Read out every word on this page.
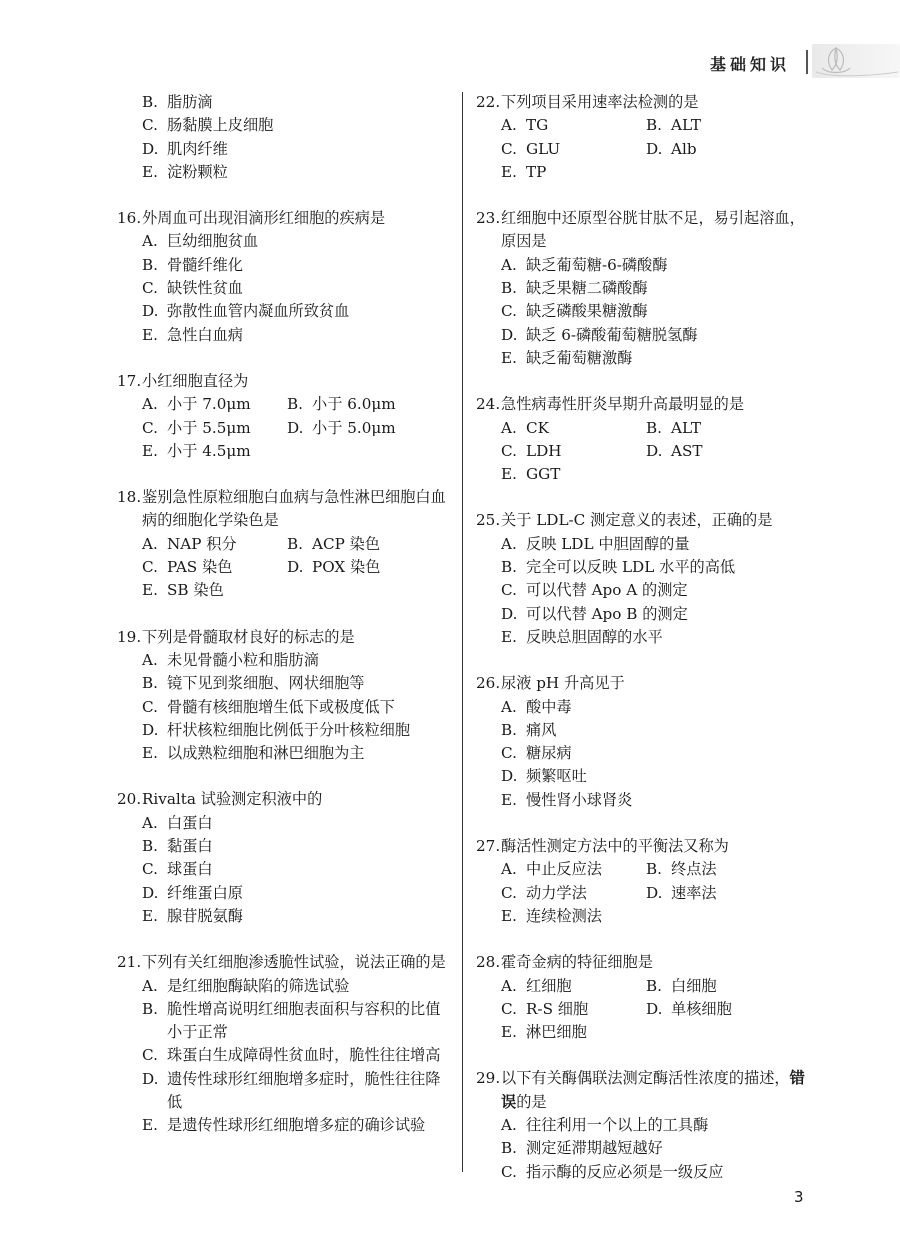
基础知识
B. 脂肪滴
C. 肠黏膜上皮细胞
D. 肌肉纤维
E. 淀粉颗粒
16. 外周血可出现泪滴形红细胞的疾病是
A. 巨幼细胞贫血
B. 骨髓纤维化
C. 缺铁性贫血
D. 弥散性血管内凝血所致贫血
E. 急性白血病
17. 小红细胞直径为
A. 小于 7.0μm B. 小于 6.0μm
C. 小于 5.5μm D. 小于 5.0μm
E. 小于 4.5μm
18. 鉴别急性原粒细胞白血病与急性淋巴细胞白血病的细胞化学染色是
A. NAP 积分	B. ACP 染色
C. PAS 染色	D. POX 染色
E. SB 染色
19. 下列是骨髓取材良好的标志的是
A. 未见骨髓小粒和脂肪滴
B. 镜下见到浆细胞、网状细胞等
C. 骨髓有核细胞增生低下或极度低下
D. 杆状核粒细胞比例低于分叶核粒细胞
E. 以成熟粒细胞和淋巴细胞为主
20. Rivalta 试验测定积液中的
A. 白蛋白
B. 黏蛋白
C. 球蛋白
D. 纤维蛋白原
E. 腺苷脱氨酶
21. 下列有关红细胞渗透脆性试验，说法正确的是
A. 是红细胞酶缺陷的筛选试验
B. 脆性增高说明红细胞表面积与容积的比值小于正常
C. 珠蛋白生成障碍性贫血时，脆性往往增高
D. 遗传性球形红细胞增多症时，脆性往往降低
E. 是遗传性球形红细胞增多症的确诊试验
22. 下列项目采用速率法检测的是
A. TG	B. ALT
C. GLU	D. Alb
E. TP
23. 红细胞中还原型谷胱甘肽不足，易引起溶血，原因是
A. 缺乏葡萄糖-6-磷酸酶
B. 缺乏果糖二磷酸酶
C. 缺乏磷酸果糖激酶
D. 缺乏 6-磷酸葡萄糖脱氢酶
E. 缺乏葡萄糖激酶
24. 急性病毒性肝炎早期升高最明显的是
A. CK	B. ALT
C. LDH	D. AST
E. GGT
25. 关于 LDL-C 测定意义的表述，正确的是
A. 反映 LDL 中胆固醇的量
B. 完全可以反映 LDL 水平的高低
C. 可以代替 Apo A 的测定
D. 可以代替 Apo B 的测定
E. 反映总胆固醇的水平
26. 尿液 pH 升高见于
A. 酸中毒
B. 痛风
C. 糖尿病
D. 频繁呕吐
E. 慢性肾小球肾炎
27. 酶活性测定方法中的平衡法又称为
A. 中止反应法	B. 终点法
C. 动力学法	D. 速率法
E. 连续检测法
28. 霍奇金病的特征细胞是
A. 红细胞	B. 白细胞
C. R-S 细胞	D. 单核细胞
E. 淋巴细胞
29. 以下有关酶偶联法测定酶活性浓度的描述，错误的是
A. 往往利用一个以上的工具酶
B. 测定延滞期越短越好
C. 指示酶的反应必须是一级反应
3
